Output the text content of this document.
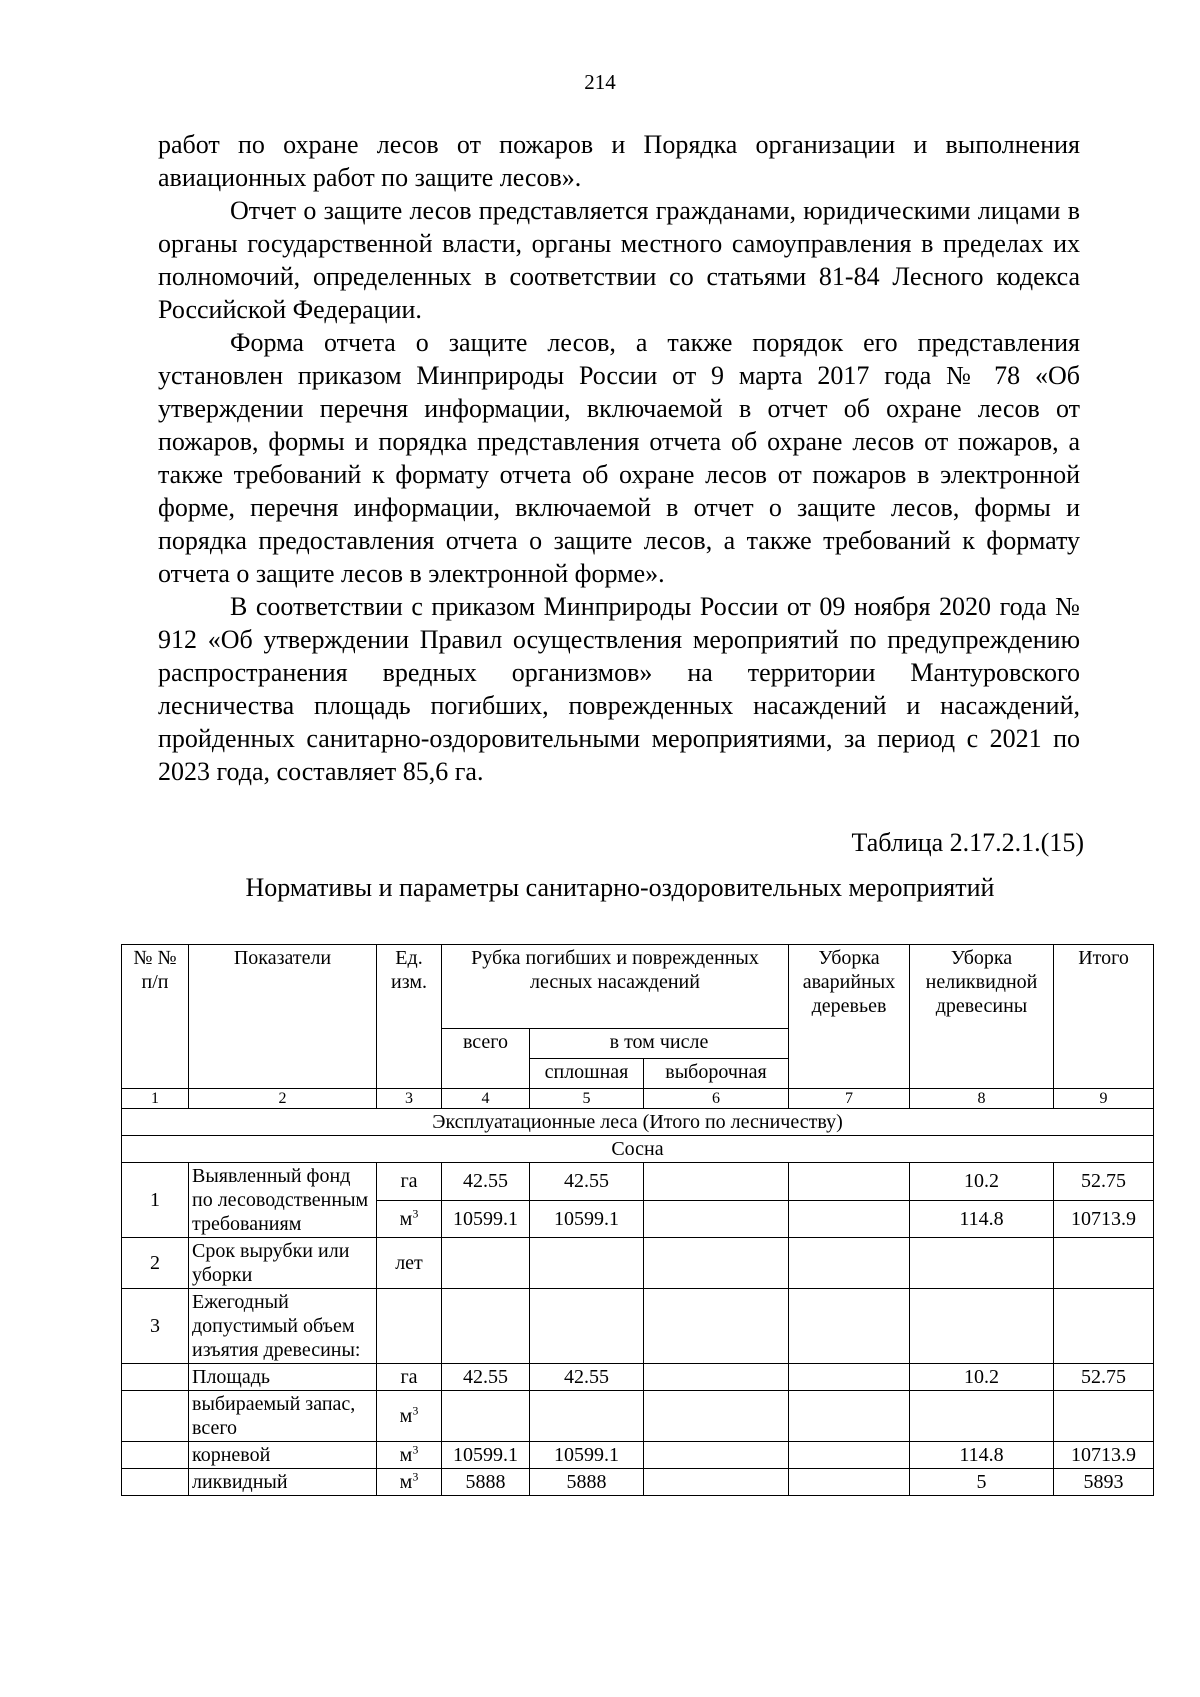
214

работ по охране лесов от пожаров и Порядка организации и выполнения авиационных работ по защите лесов».

Отчет о защите лесов представляется гражданами, юридическими лицами в органы государственной власти, органы местного самоуправления в пределах их полномочий, определенных в соответствии со статьями 81-84 Лесного кодекса Российской Федерации.

Форма отчета о защите лесов, а также порядок его представления установлен приказом Минприроды России от 9 марта 2017 года № 78 «Об утверждении перечня информации, включаемой в отчет об охране лесов от пожаров, формы и порядка представления отчета об охране лесов от пожаров, а также требований к формату отчета об охране лесов от пожаров в электронной форме, перечня информации, включаемой в отчет о защите лесов, формы и порядка предоставления отчета о защите лесов, а также требований к формату отчета о защите лесов в электронной форме».

В соответствии с приказом Минприроды России от 09 ноября 2020 года № 912 «Об утверждении Правил осуществления мероприятий по предупреждению распространения вредных организмов» на территории Мантуровского лесничества площадь погибших, поврежденных насаждений и насаждений, пройденных санитарно-оздоровительными мероприятиями, за период с 2021 по 2023 года, составляет 85,6 га.

Таблица 2.17.2.1.(15)
Нормативы и параметры санитарно-оздоровительных мероприятий
№ № п/п	Показатели	Ед. изм.	Рубка погибших и поврежденных лесных насаждений			Уборка аварийных деревьев	Уборка неликвидной древесины	Итого
			всего	в том числе				
				сплошная	выборочная			
1	2	3	4	5	6	7	8	9
Эксплуатационные леса (Итого по лесничеству)								
Сосна								
1	Выявленный фонд по лесоводственным требованиям	га	42.55	42.55			10.2	52.75
		$м^3$	10599.1	10599.1			114.8	10713.9
2	Срок вырубки или уборки	лет						
3	Ежегодный допустимый объем изъятия древесины:							
	Площадь	га	42.55	42.55			10.2	52.75
	выбираемый запас, всего	$м^3$						
	корневой	$м^3$	10599.1	10599.1			114.8	10713.9
	ликвидный	$м^3$	5888	5888			5	5893
